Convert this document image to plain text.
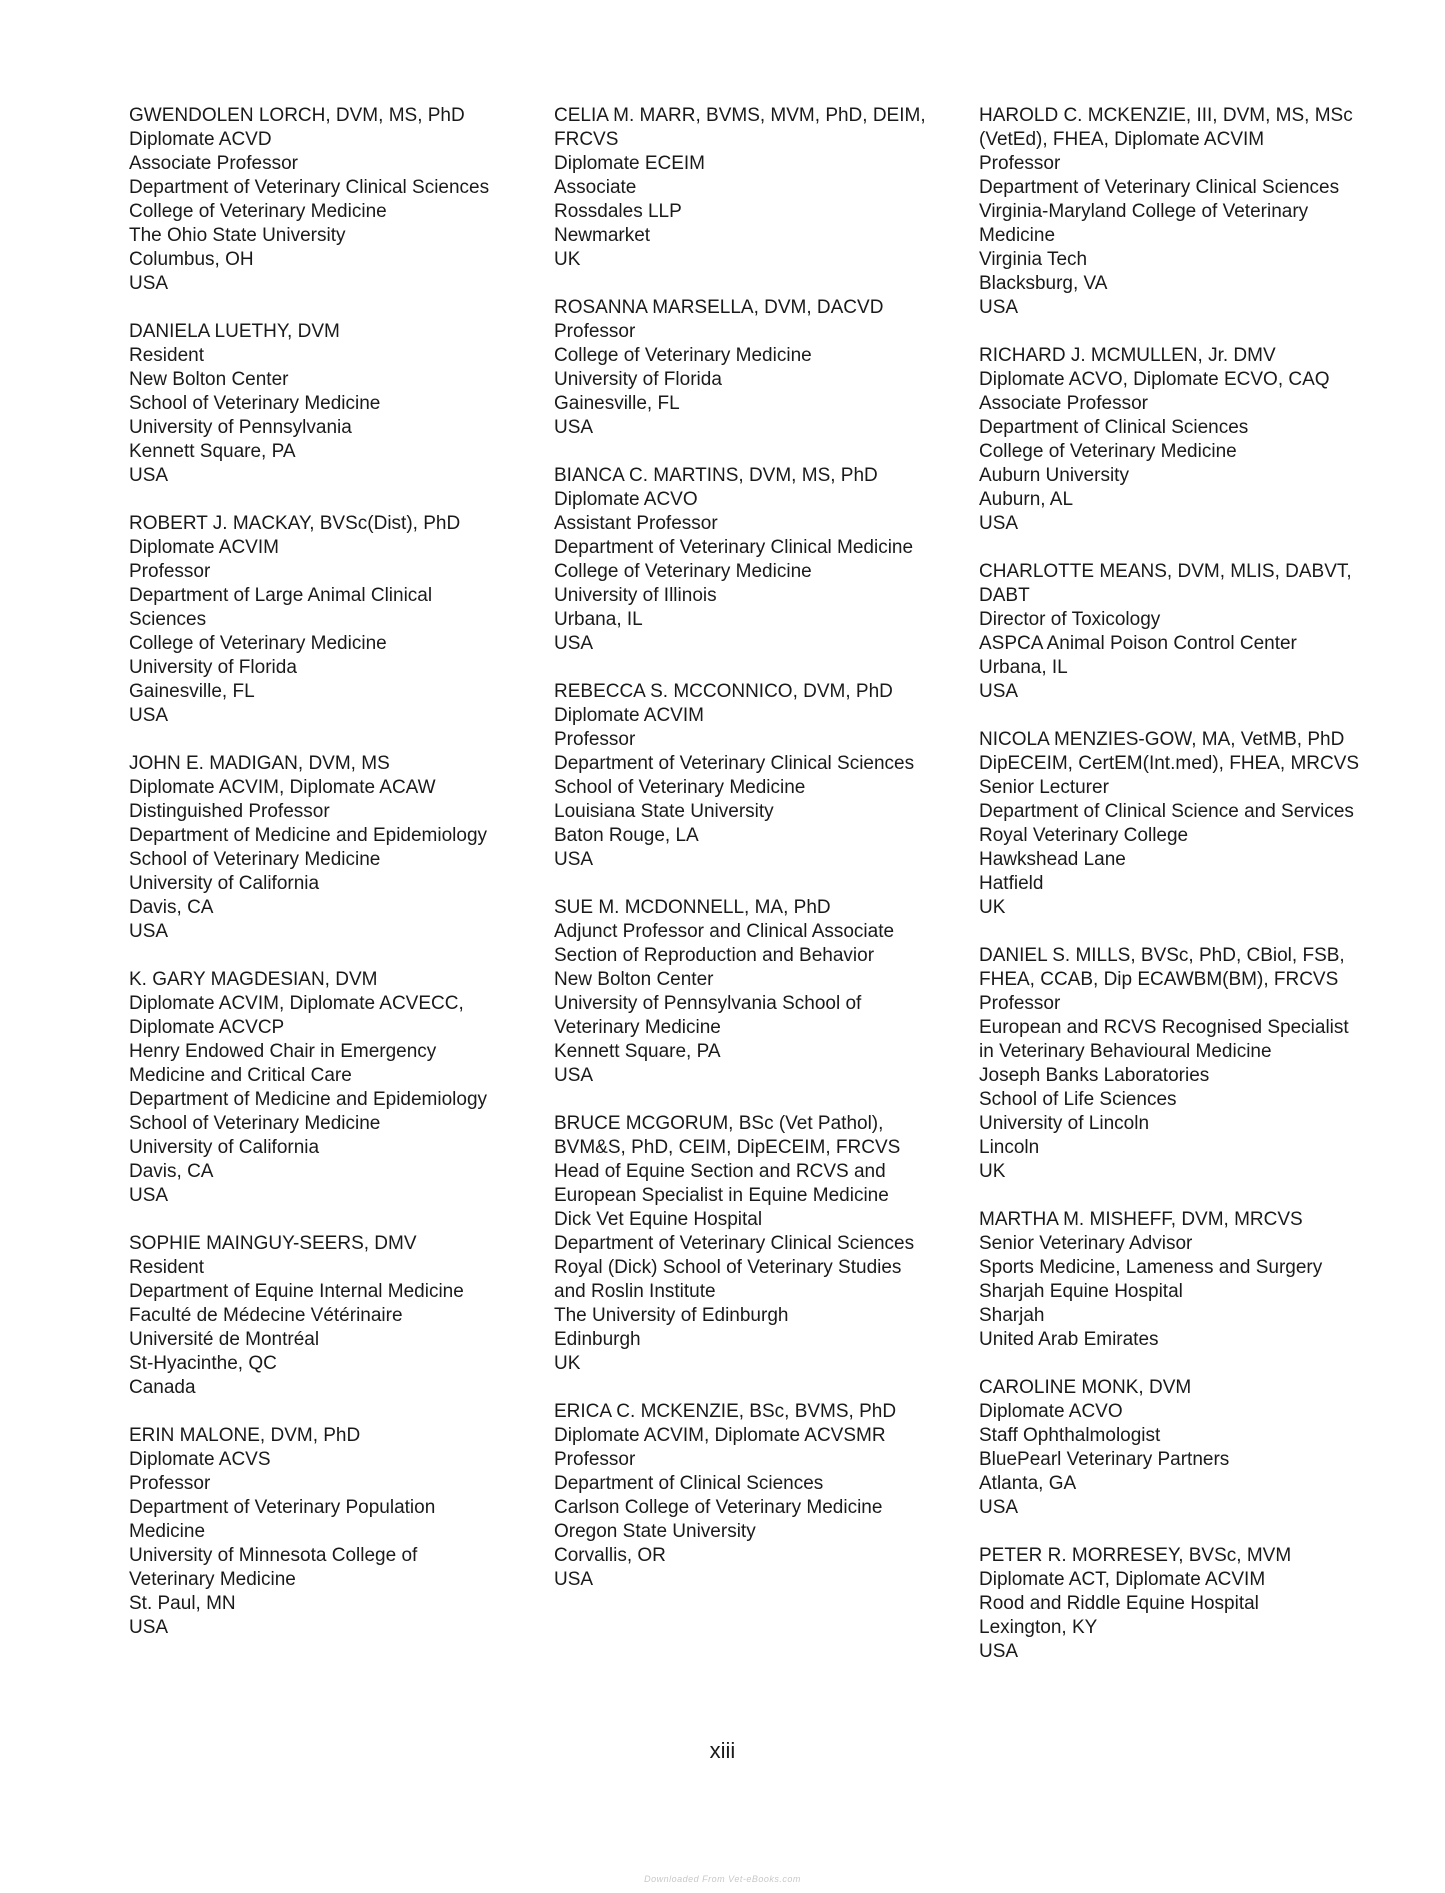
GWENDOLEN LORCH, DVM, MS, PhD
Diplomate ACVD
Associate Professor
Department of Veterinary Clinical Sciences
College of Veterinary Medicine
The Ohio State University
Columbus, OH
USA
DANIELA LUETHY, DVM
Resident
New Bolton Center
School of Veterinary Medicine
University of Pennsylvania
Kennett Square, PA
USA
ROBERT J. MACKAY, BVSc(Dist), PhD
Diplomate ACVIM
Professor
Department of Large Animal Clinical
Sciences
College of Veterinary Medicine
University of Florida
Gainesville, FL
USA
JOHN E. MADIGAN, DVM, MS
Diplomate ACVIM, Diplomate ACAW
Distinguished Professor
Department of Medicine and Epidemiology
School of Veterinary Medicine
University of California
Davis, CA
USA
K. GARY MAGDESIAN, DVM
Diplomate ACVIM, Diplomate ACVECC,
Diplomate ACVCP
Henry Endowed Chair in Emergency
Medicine and Critical Care
Department of Medicine and Epidemiology
School of Veterinary Medicine
University of California
Davis, CA
USA
SOPHIE MAINGUY-SEERS, DMV
Resident
Department of Equine Internal Medicine
Faculté de Médecine Vétérinaire
Université de Montréal
St-Hyacinthe, QC
Canada
ERIN MALONE, DVM, PhD
Diplomate ACVS
Professor
Department of Veterinary Population
Medicine
University of Minnesota College of
Veterinary Medicine
St. Paul, MN
USA
CELIA M. MARR, BVMS, MVM, PhD, DEIM,
FRCVS
Diplomate ECEIM
Associate
Rossdales LLP
Newmarket
UK
ROSANNA MARSELLA, DVM, DACVD
Professor
College of Veterinary Medicine
University of Florida
Gainesville, FL
USA
BIANCA C. MARTINS, DVM, MS, PhD
Diplomate ACVO
Assistant Professor
Department of Veterinary Clinical Medicine
College of Veterinary Medicine
University of Illinois
Urbana, IL
USA
REBECCA S. MCCONNICO, DVM, PhD
Diplomate ACVIM
Professor
Department of Veterinary Clinical Sciences
School of Veterinary Medicine
Louisiana State University
Baton Rouge, LA
USA
SUE M. MCDONNELL, MA, PhD
Adjunct Professor and Clinical Associate
Section of Reproduction and Behavior
New Bolton Center
University of Pennsylvania School of
Veterinary Medicine
Kennett Square, PA
USA
BRUCE MCGORUM, BSc (Vet Pathol),
BVM&S, PhD, CEIM, DipECEIM, FRCVS
Head of Equine Section and RCVS and
European Specialist in Equine Medicine
Dick Vet Equine Hospital
Department of Veterinary Clinical Sciences
Royal (Dick) School of Veterinary Studies
and Roslin Institute
The University of Edinburgh
Edinburgh
UK
ERICA C. MCKENZIE, BSc, BVMS, PhD
Diplomate ACVIM, Diplomate ACVSMR
Professor
Department of Clinical Sciences
Carlson College of Veterinary Medicine
Oregon State University
Corvallis, OR
USA
HAROLD C. MCKENZIE, III, DVM, MS, MSc
(VetEd), FHEA, Diplomate ACVIM
Professor
Department of Veterinary Clinical Sciences
Virginia-Maryland College of Veterinary
Medicine
Virginia Tech
Blacksburg, VA
USA
RICHARD J. MCMULLEN, Jr. DMV
Diplomate ACVO, Diplomate ECVO, CAQ
Associate Professor
Department of Clinical Sciences
College of Veterinary Medicine
Auburn University
Auburn, AL
USA
CHARLOTTE MEANS, DVM, MLIS, DABVT,
DABT
Director of Toxicology
ASPCA Animal Poison Control Center
Urbana, IL
USA
NICOLA MENZIES-GOW, MA, VetMB, PhD
DipECEIM, CertEM(Int.med), FHEA, MRCVS
Senior Lecturer
Department of Clinical Science and Services
Royal Veterinary College
Hawkshead Lane
Hatfield
UK
DANIEL S. MILLS, BVSc, PhD, CBiol, FSB,
FHEA, CCAB, Dip ECAWBM(BM), FRCVS
Professor
European and RCVS Recognised Specialist
in Veterinary Behavioural Medicine
Joseph Banks Laboratories
School of Life Sciences
University of Lincoln
Lincoln
UK
MARTHA M. MISHEFF, DVM, MRCVS
Senior Veterinary Advisor
Sports Medicine, Lameness and Surgery
Sharjah Equine Hospital
Sharjah
United Arab Emirates
CAROLINE MONK, DVM
Diplomate ACVO
Staff Ophthalmologist
BluePearl Veterinary Partners
Atlanta, GA
USA
PETER R. MORRESEY, BVSc, MVM
Diplomate ACT, Diplomate ACVIM
Rood and Riddle Equine Hospital
Lexington, KY
USA
xiii
Downloaded From Vet-eBooks.com
